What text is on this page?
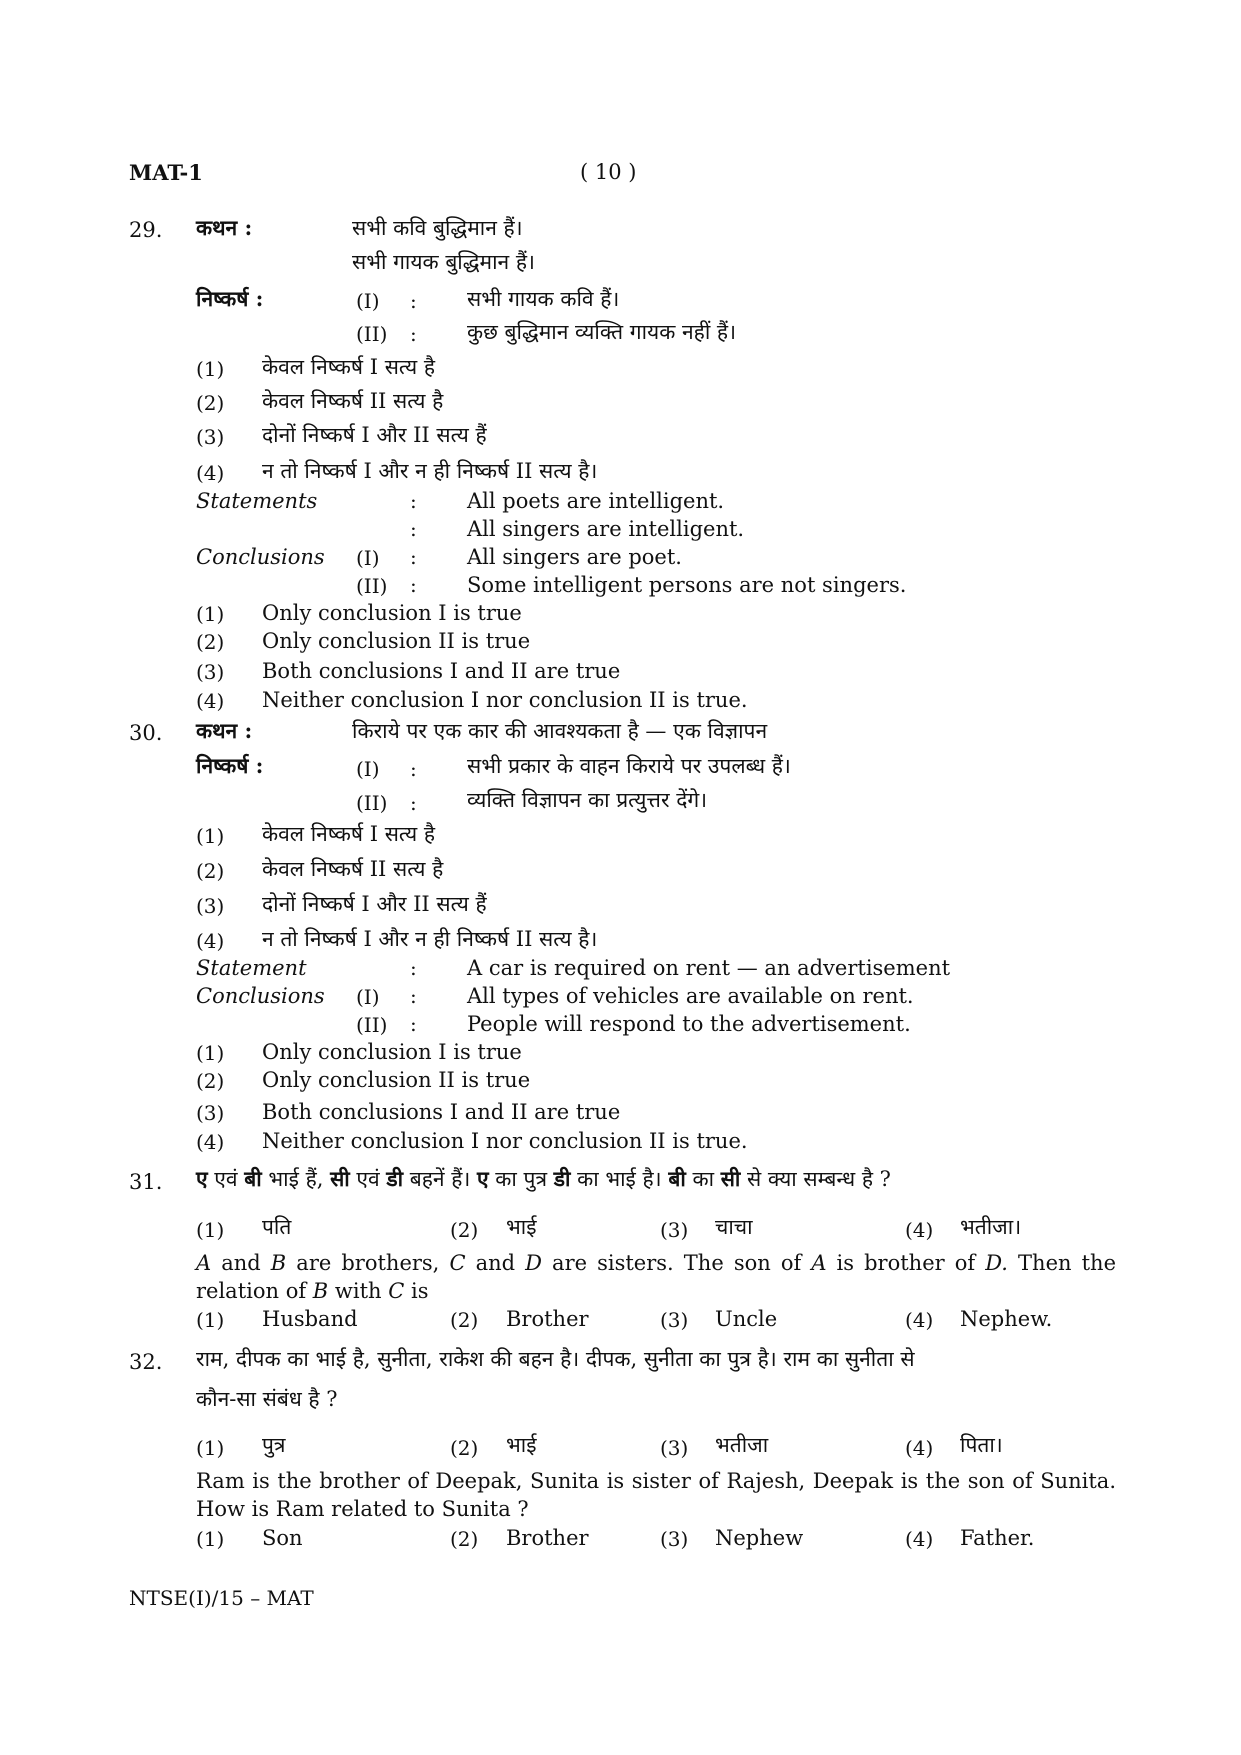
MAT-1	( 10 )
29. कथन :	सभी कवि बुद्धिमान हैं।
सभी गायक बुद्धिमान हैं।
निष्कर्ष :	(I) : सभी गायक कवि हैं।
(II) : कुछ बुद्धिमान व्यक्ति गायक नहीं हैं।
(1) केवल निष्कर्ष I सत्य है
(2) केवल निष्कर्ष II सत्य है
(3) दोनों निष्कर्ष I और II सत्य हैं
(4) न तो निष्कर्ष I और न ही निष्कर्ष II सत्य है।
Statements	: All poets are intelligent.
: All singers are intelligent.
Conclusions (I) : All singers are poet.
(II) : Some intelligent persons are not singers.
(1) Only conclusion I is true
(2) Only conclusion II is true
(3) Both conclusions I and II are true
(4) Neither conclusion I nor conclusion II is true.
30. कथन :	किराये पर एक कार की आवश्यकता है — एक विज्ञापन
निष्कर्ष :	(I) : सभी प्रकार के वाहन किराये पर उपलब्ध हैं।
(II) : व्यक्ति विज्ञापन का प्रत्युत्तर देंगे।
(1) केवल निष्कर्ष I सत्य है
(2) केवल निष्कर्ष II सत्य है
(3) दोनों निष्कर्ष I और II सत्य हैं
(4) न तो निष्कर्ष I और न ही निष्कर्ष II सत्य है।
Statement	: A car is required on rent — an advertisement
Conclusions (I) : All types of vehicles are available on rent.
(II) : People will respond to the advertisement.
(1) Only conclusion I is true
(2) Only conclusion II is true
(3) Both conclusions I and II are true
(4) Neither conclusion I nor conclusion II is true.
31. ए एवं बी भाई हैं, सी एवं डी बहनें हैं। ए का पुत्र डी का भाई है। बी का सी से क्या सम्बन्ध है ?
(1) पति	(2) भाई	(3) चाचा	(4) भतीजा।
A and B are brothers, C and D are sisters. The son of A is brother of D. Then the relation of B with C is
(1) Husband	(2) Brother	(3) Uncle	(4) Nephew.
32. राम, दीपक का भाई है, सुनीता, राकेश की बहन है। दीपक, सुनीता का पुत्र है। राम का सुनीता से
कौन-सा संबंध है ?
(1) पुत्र	(2) भाई	(3) भतीजा	(4) पिता।
Ram is the brother of Deepak, Sunita is sister of Rajesh, Deepak is the son of Sunita. How is Ram related to Sunita ?
(1) Son	(2) Brother	(3) Nephew	(4) Father.
NTSE(I)/15 – MAT
